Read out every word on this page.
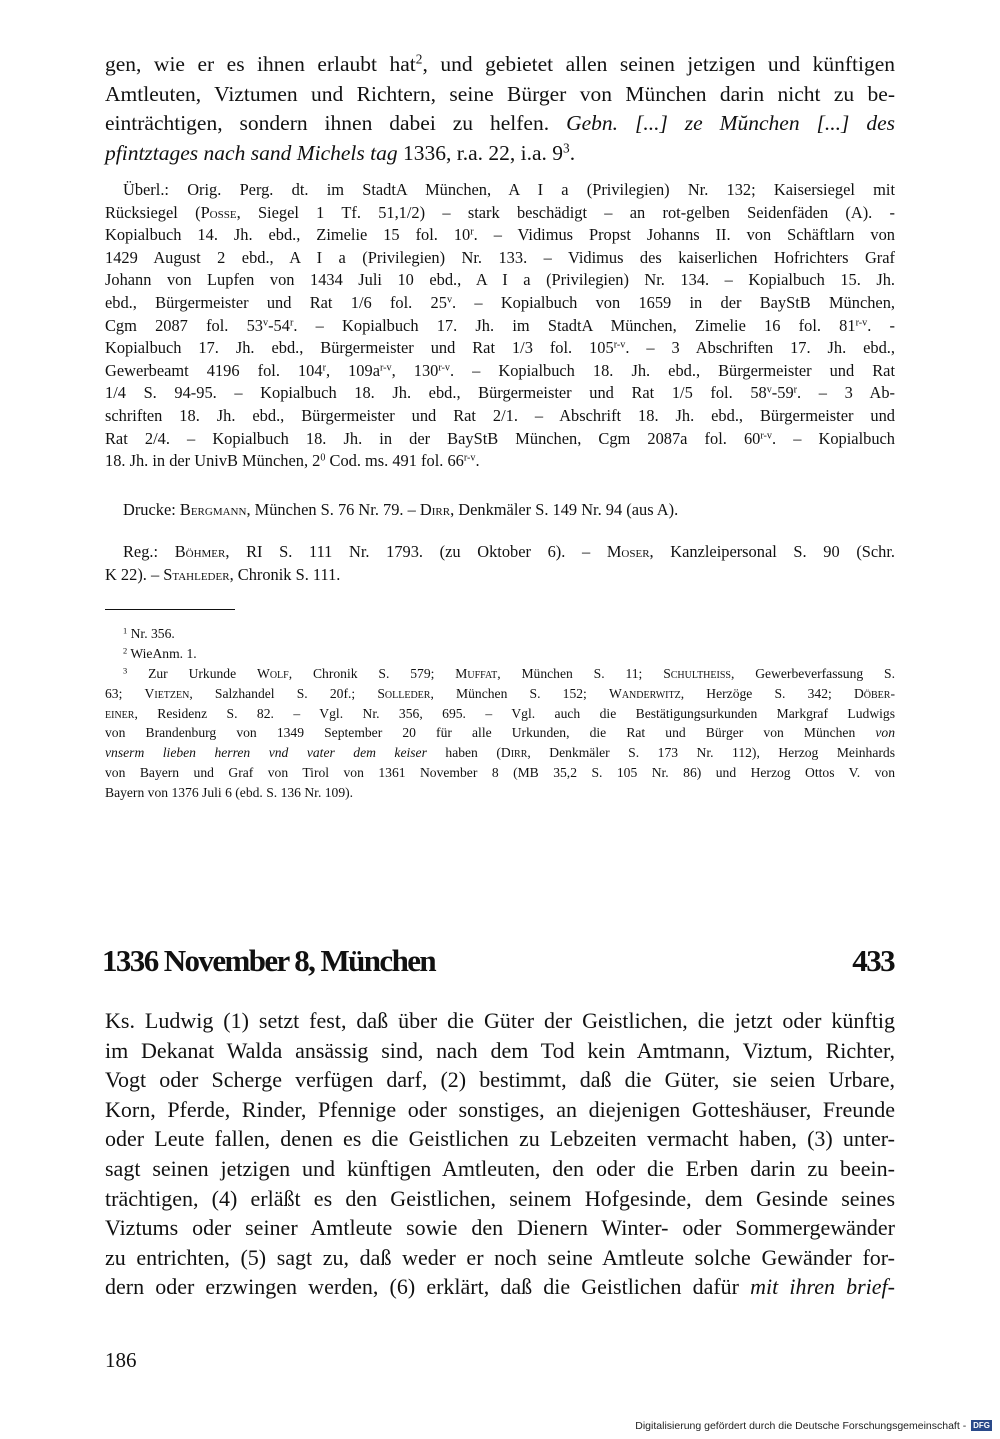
gen, wie er es ihnen erlaubt hat$^2$, und gebietet allen seinen jetzigen und künftigen
Amtleuten, Viztumen und Richtern, seine Bürger von München darin nicht zu be-
einträchtigen, sondern ihnen dabei zu helfen. Gebn. [...] ze Mŭnchen [...] des
pfintztages nach sand Michels tag 1336, r.a. 22, i.a. $9^3$.
Überl.: Orig. Perg. dt. im StadtA München, A I a (Privilegien) Nr. 132; Kaisersiegel mit
Rücksiegel (Posse, Siegel 1 Tf. 51,1/2) – stark beschädigt – an rot-gelben Seidenfäden (A). -
Kopialbuch 14. Jh. ebd., Zimelie 15 fol. 10$^r$. – Vidimus Propst Johanns II. von Schäftlarn von
1429 August 2 ebd., A I a (Privilegien) Nr. 133. – Vidimus des kaiserlichen Hofrichters Graf
Johann von Lupfen von 1434 Juli 10 ebd., A I a (Privilegien) Nr. 134. – Kopialbuch 15. Jh.
ebd., Bürgermeister und Rat 1/6 fol. 25$^v$. – Kopialbuch von 1659 in der BayStB München,
Cgm 2087 fol. 53$^v$-54$^r$. – Kopialbuch 17. Jh. im StadtA München, Zimelie 16 fol. 81$^{r-v}$. -
Kopialbuch 17. Jh. ebd., Bürgermeister und Rat 1/3 fol. 105$^{r-v}$. – 3 Abschriften 17. Jh. ebd.,
Gewerbeamt 4196 fol. 104$^r$, $109a^{r-v}$, 130$^{r-v}$. – Kopialbuch 18. Jh. ebd., Bürgermeister und Rat
1/4 S. 94-95. – Kopialbuch 18. Jh. ebd., Bürgermeister und Rat 1/5 fol. 58$^v$-59$^r$. – 3 Ab-
schriften 18. Jh. ebd., Bürgermeister und Rat 2/1. – Abschrift 18. Jh. ebd., Bürgermeister und
Rat 2/4. – Kopialbuch 18. Jh. in der BayStB München, Cgm 2087a fol. 60$^{r-v}$. – Kopialbuch
18. Jh. in der UnivB München, $2^0$ Cod. ms. 491 fol. 66$^{r-v}$.
Drucke: Bergmann, München S. 76 Nr. 79. – Dirr, Denkmäler S. 149 Nr. 94 (aus A).
Reg.: Böhmer, RI S. 111 Nr. 1793. (zu Oktober 6). – Moser, Kanzleipersonal S. 90 (Schr.
K 22). – Stahleder, Chronik S. 111.
$^1$ Nr. 356.
$^2$ WieAnm. 1.
$^3$ Zur Urkunde Wolf, Chronik S. 579; Muffat, München S. 11; Schultheiss, Gewerbeverfassung S.
63; Vietzen, Salzhandel S. 20f.; Solleder, München S. 152; Wanderwitz, Herzöge S. 342; Döber-
einer, Residenz S. 82. – Vgl. Nr. 356, 695. – Vgl. auch die Bestätigungsurkunden Markgraf Ludwigs
von Brandenburg von 1349 September 20 für alle Urkunden, die Rat und Bürger von München von
vnserm lieben herren vnd vater dem keiser haben (Dirr, Denkmäler S. 173 Nr. 112), Herzog Meinhards
von Bayern und Graf von Tirol von 1361 November 8 (MB 35,2 S. 105 Nr. 86) und Herzog Ottos V. von
Bayern von 1376 Juli 6 (ebd. S. 136 Nr. 109).
1336 November 8, München	433
Ks. Ludwig (1) setzt fest, daß über die Güter der Geistlichen, die jetzt oder künftig
im Dekanat Walda ansässig sind, nach dem Tod kein Amtmann, Viztum, Richter,
Vogt oder Scherge verfügen darf, (2) bestimmt, daß die Güter, sie seien Urbare,
Korn, Pferde, Rinder, Pfennige oder sonstiges, an diejenigen Gotteshäuser, Freunde
oder Leute fallen, denen es die Geistlichen zu Lebzeiten vermacht haben, (3) unter-
sagt seinen jetzigen und künftigen Amtleuten, den oder die Erben darin zu beein-
trächtigen, (4) erläßt es den Geistlichen, seinem Hofgesinde, dem Gesinde seines
Viztums oder seiner Amtleute sowie den Dienern Winter- oder Sommergewänder
zu entrichten, (5) sagt zu, daß weder er noch seine Amtleute solche Gewänder for-
dern oder erzwingen werden, (6) erklärt, daß die Geistlichen dafür mit ihren brief-
186
Digitalisierung gefördert durch die Deutsche Forschungsgemeinschaft - DFG
